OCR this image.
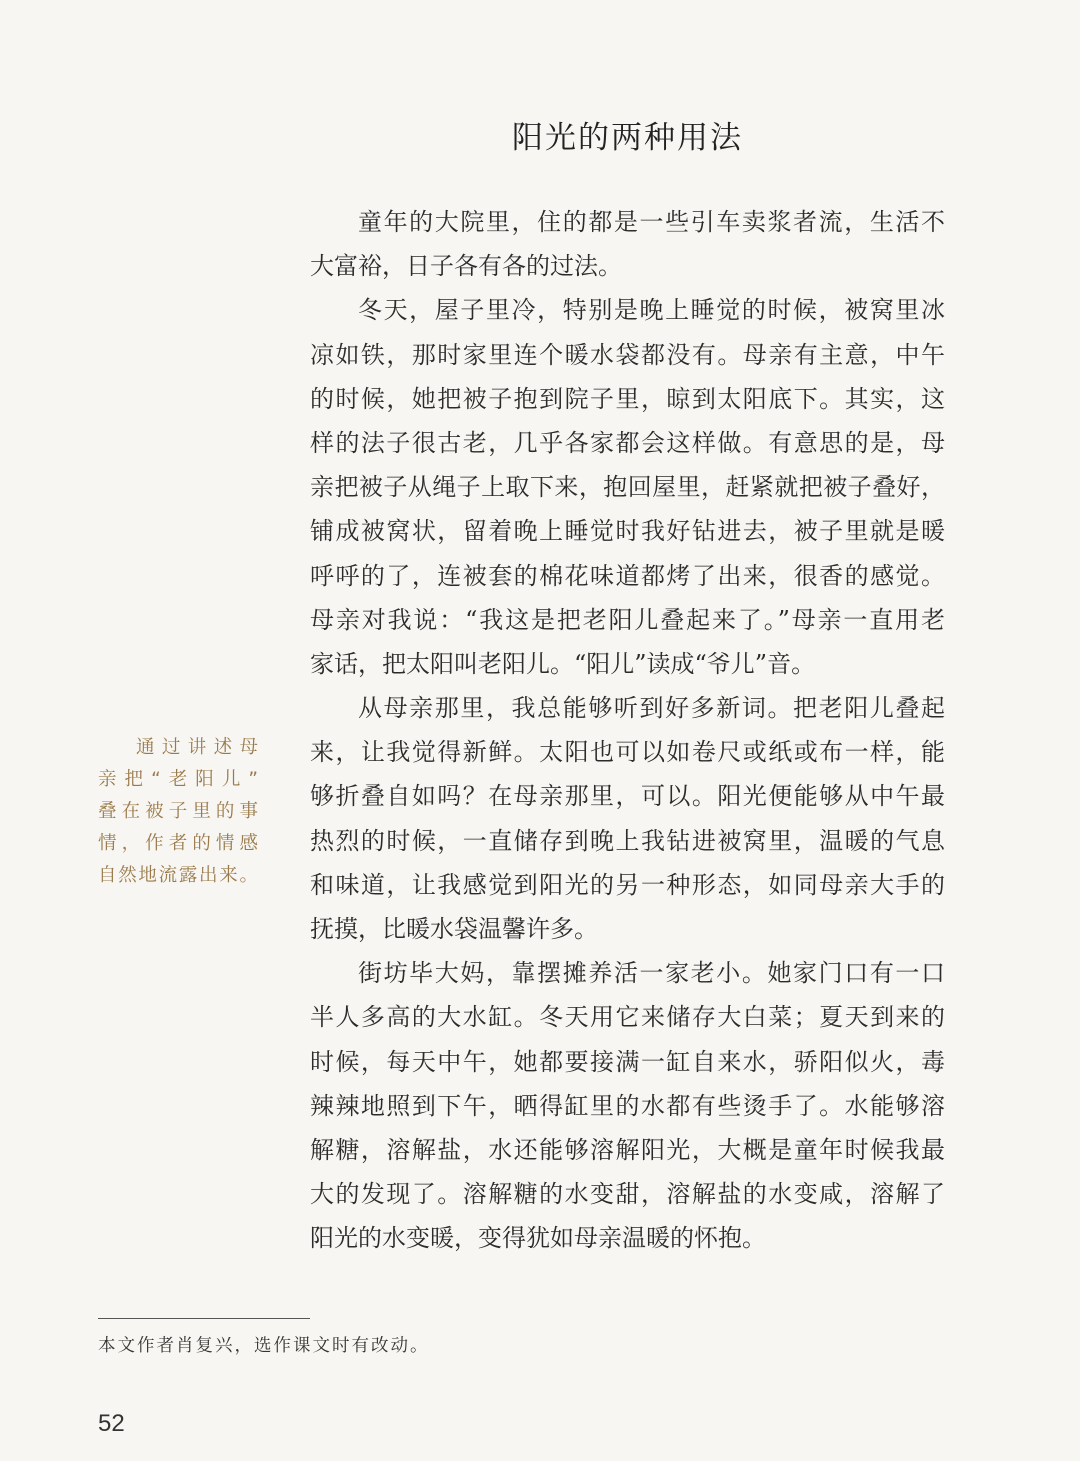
阳光的两种用法
童年的大院里，住的都是一些引车卖浆者流，生活不
大富裕，日子各有各的过法。
冬天，屋子里冷，特别是晚上睡觉的时候，被窝里冰
凉如铁，那时家里连个暖水袋都没有。母亲有主意，中午
的时候，她把被子抱到院子里，晾到太阳底下。其实，这
样的法子很古老，几乎各家都会这样做。有意思的是，母
亲把被子从绳子上取下来，抱回屋里，赶紧就把被子叠好，
铺成被窝状，留着晚上睡觉时我好钻进去，被子里就是暖
呼呼的了，连被套的棉花味道都烤了出来，很香的感觉。
母亲对我说：“我这是把老阳儿叠起来了。”母亲一直用老
家话，把太阳叫老阳儿。“阳儿”读成“爷儿”音。
从母亲那里，我总能够听到好多新词。把老阳儿叠起
来，让我觉得新鲜。太阳也可以如卷尺或纸或布一样，能
够折叠自如吗？在母亲那里，可以。阳光便能够从中午最
热烈的时候，一直储存到晚上我钻进被窝里，温暖的气息
和味道，让我感觉到阳光的另一种形态，如同母亲大手的
抚摸，比暖水袋温馨许多。
街坊毕大妈，靠摆摊养活一家老小。她家门口有一口
半人多高的大水缸。冬天用它来储存大白菜；夏天到来的
时候，每天中午，她都要接满一缸自来水，骄阳似火，毒
辣辣地照到下午，晒得缸里的水都有些烫手了。水能够溶
解糖，溶解盐，水还能够溶解阳光，大概是童年时候我最
大的发现了。溶解糖的水变甜，溶解盐的水变咸，溶解了
阳光的水变暖，变得犹如母亲温暖的怀抱。
通过讲述母
亲把“老阳儿”
叠在被子里的事
情，作者的情感
自然地流露出来。
本文作者肖复兴，选作课文时有改动。
52
